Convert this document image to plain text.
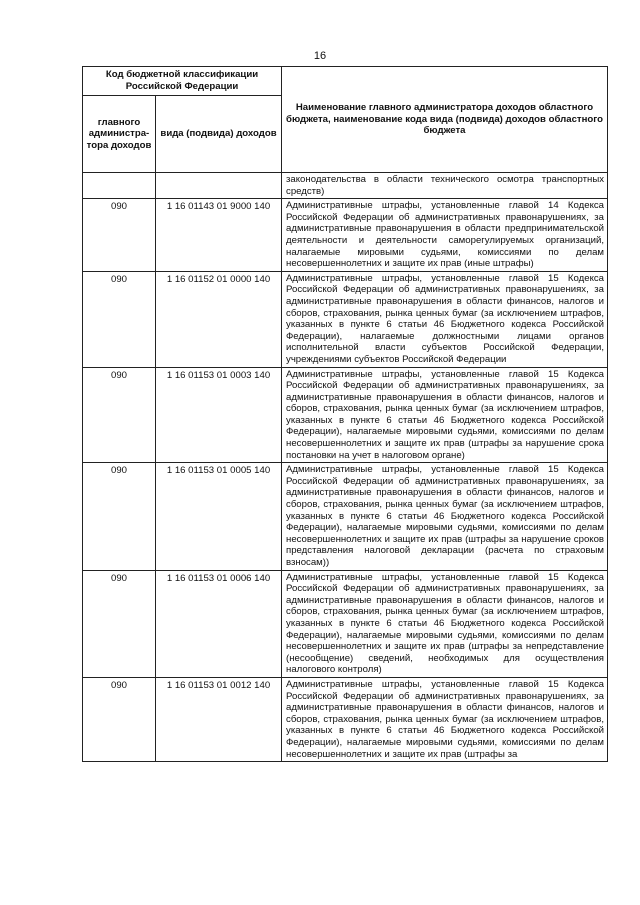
16
Код бюджетной классификации Российской Федерации		Наименование главного администратора доходов областного бюджета, наименование кода вида (подвида) доходов областного бюджета
главного администра-тора доходов	вида (подвида) доходов	
		законодательства в области технического осмотра транспортных средств)
090	1 16 01143 01 9000 140	Административные штрафы, установленные главой 14 Кодекса Российской Федерации об административных правонарушениях, за административные правонарушения в области предпринимательской деятельности и деятельности саморегулируемых организаций, налагаемые мировыми судьями, комиссиями по делам несовершеннолетних и защите их прав (иные штрафы)
090	1 16 01152 01 0000 140	Административные штрафы, установленные главой 15 Кодекса Российской Федерации об административных правонарушениях, за административные правонарушения в области финансов, налогов и сборов, страхования, рынка ценных бумаг (за исключением штрафов, указанных в пункте 6 статьи 46 Бюджетного кодекса Российской Федерации), налагаемые должностными лицами органов исполнительной власти субъектов Российской Федерации, учреждениями субъектов Российской Федерации
090	1 16 01153 01 0003 140	Административные штрафы, установленные главой 15 Кодекса Российской Федерации об административных правонарушениях, за административные правонарушения в области финансов, налогов и сборов, страхования, рынка ценных бумаг (за исключением штрафов, указанных в пункте 6 статьи 46 Бюджетного кодекса Российской Федерации), налагаемые мировыми судьями, комиссиями по делам несовершеннолетних и защите их прав (штрафы за нарушение срока постановки на учет в налоговом органе)
090	1 16 01153 01 0005 140	Административные штрафы, установленные главой 15 Кодекса Российской Федерации об административных правонарушениях, за административные правонарушения в области финансов, налогов и сборов, страхования, рынка ценных бумаг (за исключением штрафов, указанных в пункте 6 статьи 46 Бюджетного кодекса Российской Федерации), налагаемые мировыми судьями, комиссиями по делам несовершеннолетних и защите их прав (штрафы за нарушение сроков представления налоговой декларации (расчета по страховым взносам))
090	1 16 01153 01 0006 140	Административные штрафы, установленные главой 15 Кодекса Российской Федерации об административных правонарушениях, за административные правонарушения в области финансов, налогов и сборов, страхования, рынка ценных бумаг (за исключением штрафов, указанных в пункте 6 статьи 46 Бюджетного кодекса Российской Федерации), налагаемые мировыми судьями, комиссиями по делам несовершеннолетних и защите их прав (штрафы за непредставление (несообщение) сведений, необходимых для осуществления налогового контроля)
090	1 16 01153 01 0012 140	Административные штрафы, установленные главой 15 Кодекса Российской Федерации об административных правонарушениях, за административные правонарушения в области финансов, налогов и сборов, страхования, рынка ценных бумаг (за исключением штрафов, указанных в пункте 6 статьи 46 Бюджетного кодекса Российской Федерации), налагаемые мировыми судьями, комиссиями по делам несовершеннолетних и защите их прав (штрафы за
